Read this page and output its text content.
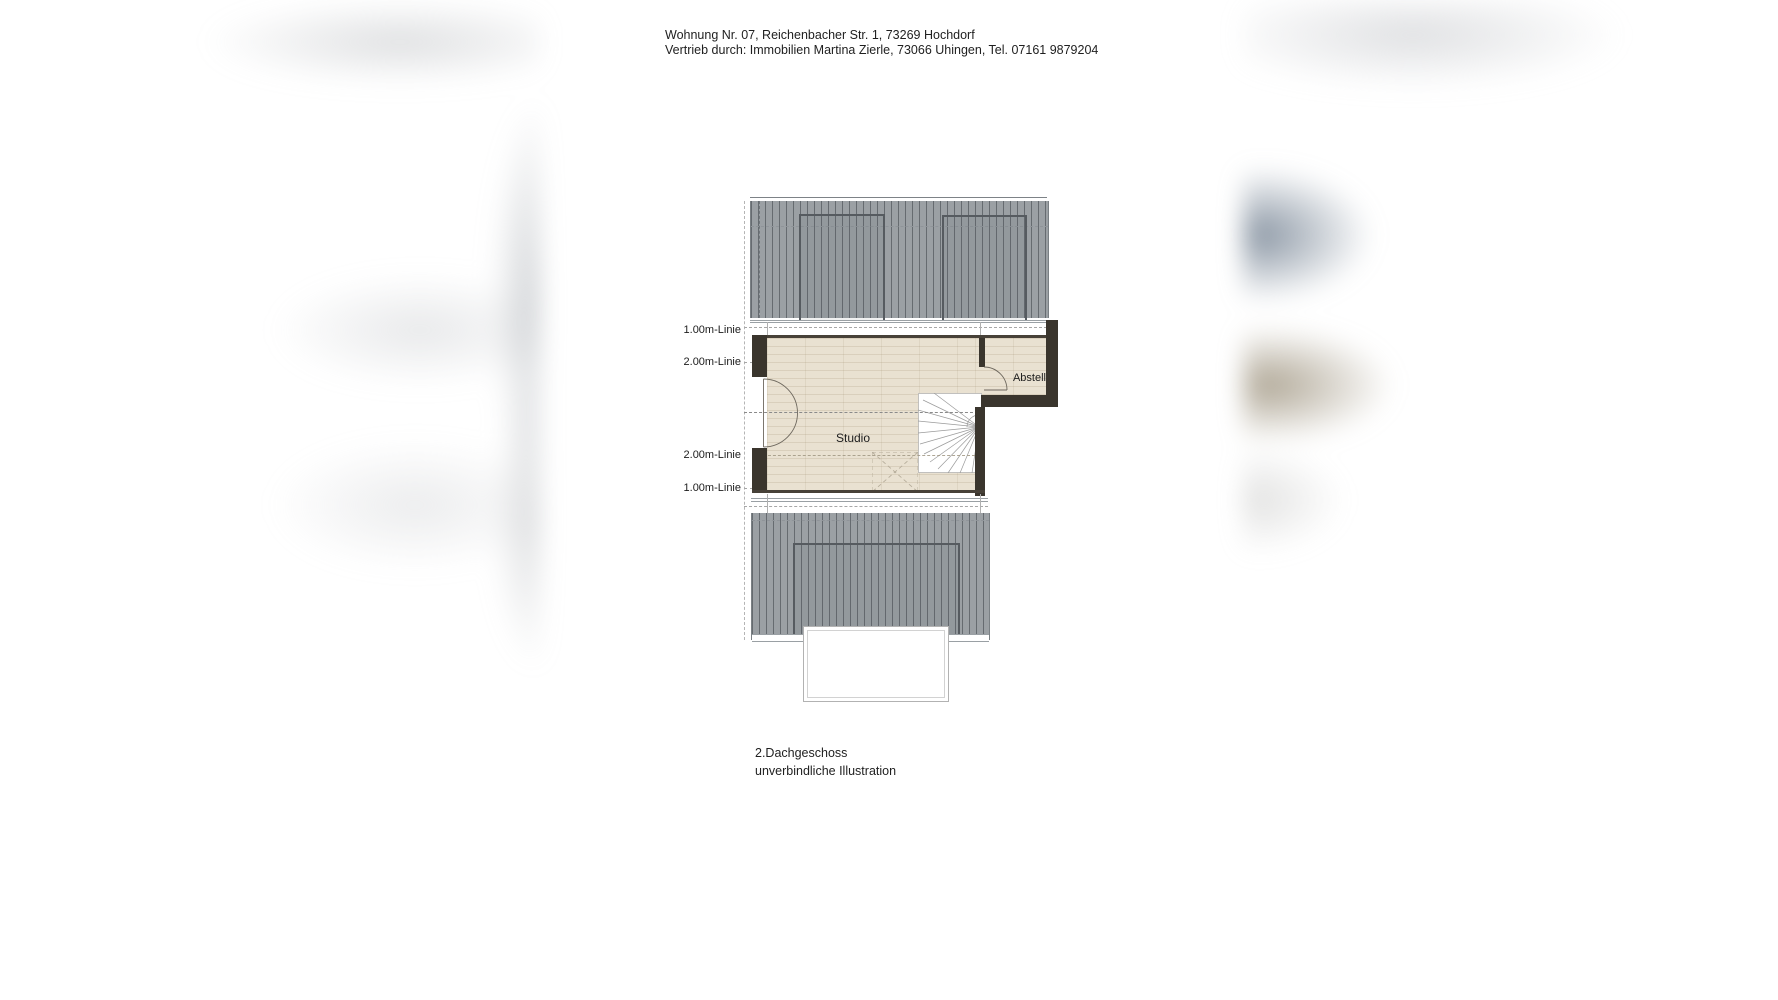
Wohnung Nr. 07, Reichenbacher Str. 1, 73269 Hochdorf
Vertrieb durch: Immobilien Martina Zierle, 73066 Uhingen, Tel. 07161 9879204
1.00m-Linie
2.00m-Linie
2.00m-Linie
1.00m-Linie
Studio
Abstell
2.Dachgeschoss
unverbindliche Illustration
